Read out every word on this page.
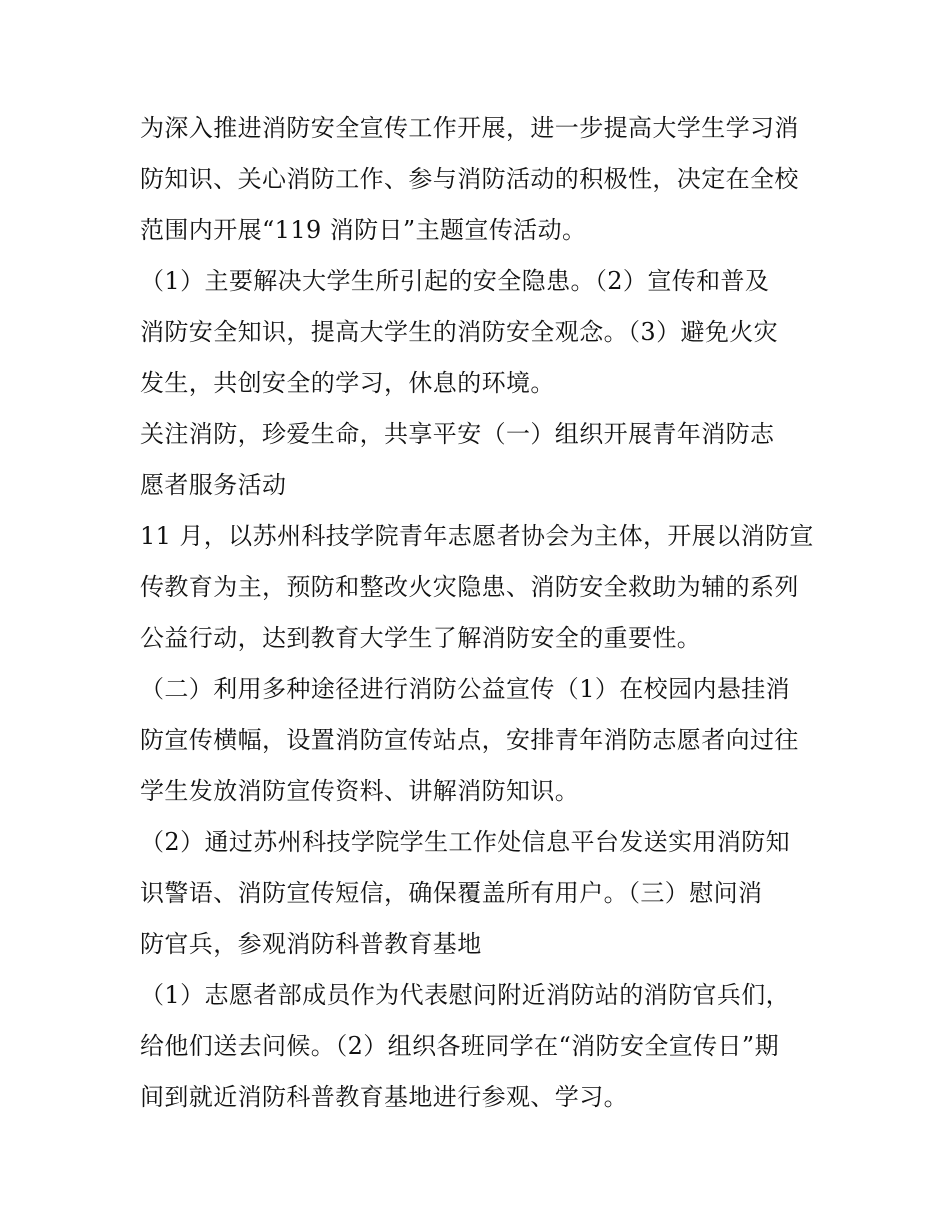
为深入推进消防安全宣传工作开展，进一步提高大学生学习消
防知识、关心消防工作、参与消防活动的积极性，决定在全校
范围内开展“119 消防日”主题宣传活动。
（1）主要解决大学生所引起的安全隐患。（2）宣传和普及
消防安全知识，提高大学生的消防安全观念。（3）避免火灾
发生，共创安全的学习，休息的环境。
关注消防，珍爱生命，共享平安（一）组织开展青年消防志
愿者服务活动
11 月，以苏州科技学院青年志愿者协会为主体，开展以消防宣
传教育为主，预防和整改火灾隐患、消防安全救助为辅的系列
公益行动，达到教育大学生了解消防安全的重要性。
（二）利用多种途径进行消防公益宣传（1）在校园内悬挂消
防宣传横幅，设置消防宣传站点，安排青年消防志愿者向过往
学生发放消防宣传资料、讲解消防知识。
（2）通过苏州科技学院学生工作处信息平台发送实用消防知
识警语、消防宣传短信，确保覆盖所有用户。（三）慰问消
防官兵，参观消防科普教育基地
（1）志愿者部成员作为代表慰问附近消防站的消防官兵们，
给他们送去问候。（2）组织各班同学在“消防安全宣传日”期
间到就近消防科普教育基地进行参观、学习。
